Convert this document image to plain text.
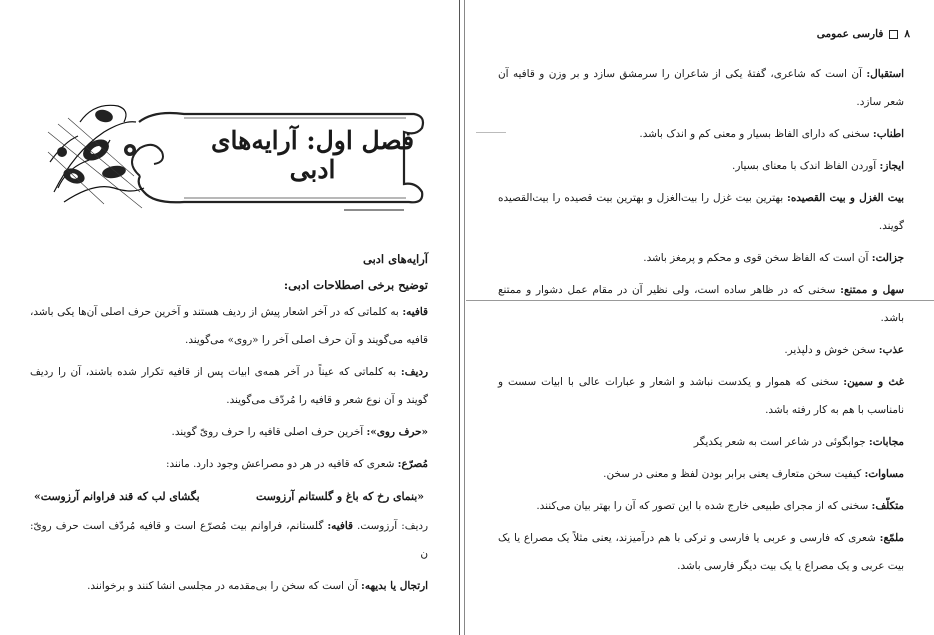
فصل اول: آرایه‌های ادبی
آرایه‌های ادبی
توضیح برخی اصطلاحات ادبی:

قافیه: به کلماتی که در آخر اشعار پیش از ردیف هستند و آخرین حرف اصلی آن‌ها یکی باشد، قافیه می‌گویند و آن حرف اصلی آخر را «روی» می‌گویند.

ردیف: به کلماتی که عیناً در آخر همه‌ی ابیات پس از قافیه تکرار شده باشند، آن را ردیف گویند و آن نوع شعر و قافیه را مُردّف می‌گویند.

«حرف روی»: آخرین حرف اصلی قافیه را حرف رویّ گویند.

مُصرّع: شعری که قافیه در هر دو مصراعش وجود دارد. مانند:

«بنمای رخ که باغ و گلستانم آرزوست
بگشای لب که قند فراوانم آرزوست»

ردیف: آرزوست. قافیه: گلستانم، فراوانم بیت مُصرّع است و قافیه مُردّف است حرف رویّ: ن

ارتجال یا بدیهه: آن است که سخن را بی‌مقدمه در مجلسی انشا کنند و برخوانند.

۸
فارسی عمومی

استقبال: آن است که شاعری، گفتهٔ یکی از شاعران را سرمشق سازد و بر وزن و قافیه آن شعر سازد.

اطناب: سخنی که دارای الفاظ بسیار و معنی کم و اندک باشد.

ایجاز: آوردن الفاظ اندک با معنای بسیار.

بیت الغزل و بیت القصیده: بهترین بیت غزل را بیت‌الغزل و بهترین بیت قصیده را بیت‌القصیده گویند.

جزالت: آن است که الفاظ سخن قوی و محکم و پرمغز باشد.

سهل و ممتنع: سخنی که در ظاهر ساده است، ولی نظیر آن در مقام عمل دشوار و ممتنع باشد.

عذب: سخن خوش و دلپذیر.

غث و سمین: سخنی که هموار و یکدست نباشد و اشعار و عبارات عالی با ابیات سست و نامناسب با هم به کار رفته باشد.

مجابات: جوابگوئی در شاعر است به شعر یکدیگر

مساوات: کیفیت سخن متعارف یعنی برابر بودن لفظ و معنی در سخن.

متکلّف: سخنی که از مجرای طبیعی خارج شده با این تصور که آن را بهتر بیان می‌کنند.

ملمّع: شعری که فارسی و عربی یا فارسی و ترکی با هم درآمیزند، یعنی مثلاً یک مصراع یا یک بیت عربی و یک مصراع یا یک بیت دیگر فارسی باشد.
